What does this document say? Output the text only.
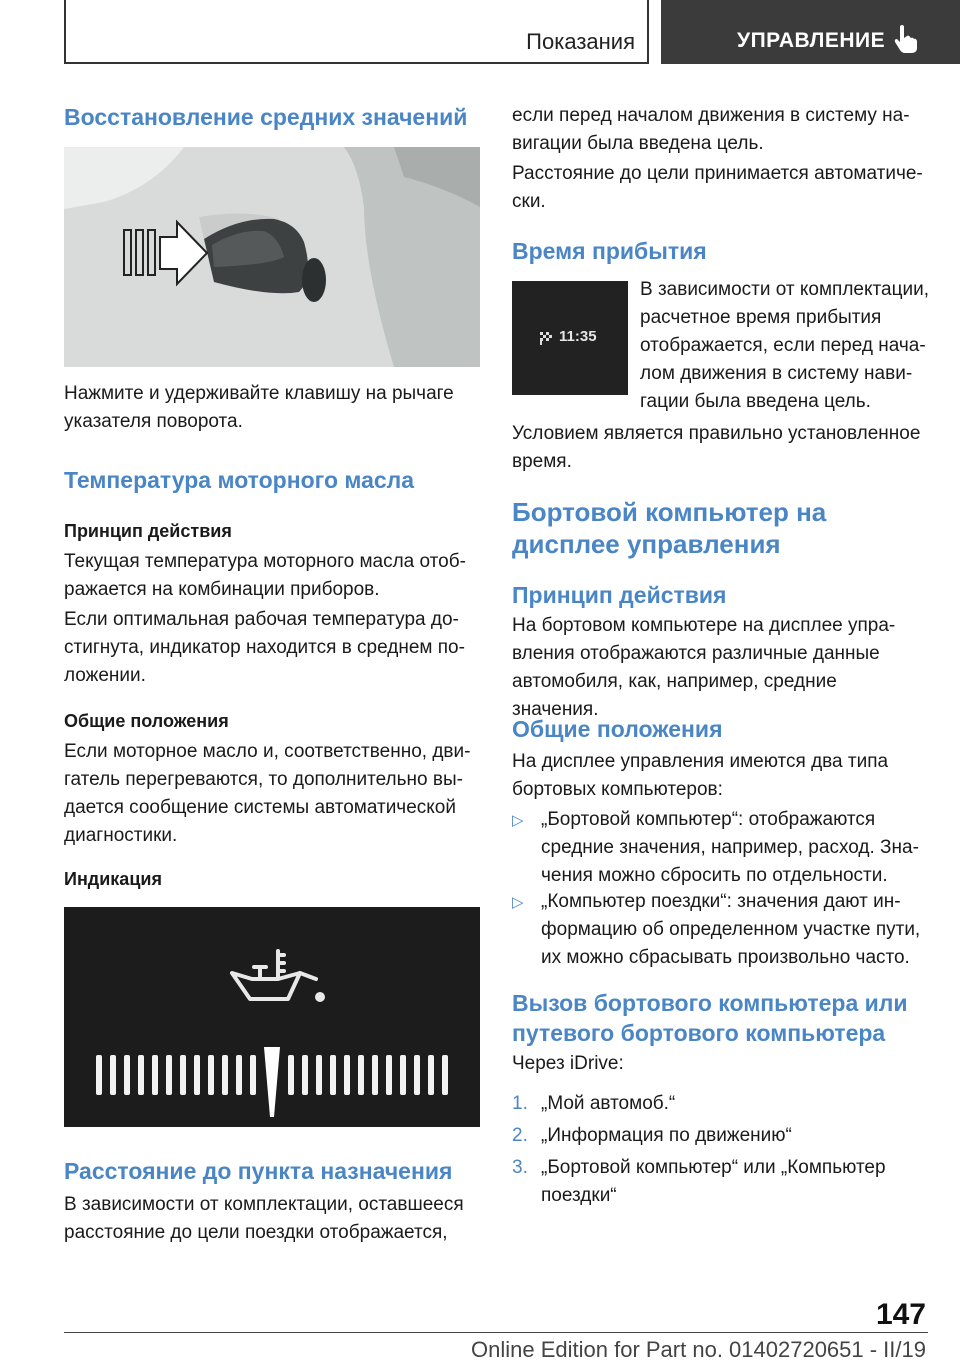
Показания	УПРАВЛЕНИЕ
Восстановление средних значений

Нажмите и удерживайте клавишу на рычаге указателя поворота.

Температура моторного масла
Принцип действия

Текущая температура моторного масла отображается на комбинации приборов.

Если оптимальная рабочая температура достигнута, индикатор находится в среднем положении.

Общие положения

Если моторное масло и, соответственно, двигатель перегреваются, то дополнительно выдается сообщение системы автоматической диагностики.

Индикация
Расстояние до пункта назначения

В зависимости от комплектации, оставшееся расстояние до цели поездки отображается,

если перед началом движения в систему навигации была введена цель.

Расстояние до цели принимается автоматически.

Время прибытия
11:35

В зависимости от комплектации, расчетное время прибытия отображается, если перед началом движения в систему навигации была введена цель.

Условием является правильно установленное время.

Бортовой компьютер на дисплее управления
Принцип действия

На бортовом компьютере на дисплее управления отображаются различные данные автомобиля, как, например, средние значения.

Общие положения

На дисплее управления имеются два типа бортовых компьютеров:

▷ „Бортовой компьютер“: отображаются средние значения, например, расход. Значения можно сбросить по отдельности.
▷ „Компьютер поездки“: значения дают информацию об определенном участке пути, их можно сбрасывать произвольно часто.
Вызов бортового компьютера или путевого бортового компьютера

Через iDrive:

1. „Мой автомоб.“
2. „Информация по движению“
3. „Бортовой компьютер“ или „Компьютер поездки“
147
Online Edition for Part no. 01402720651 - II/19
